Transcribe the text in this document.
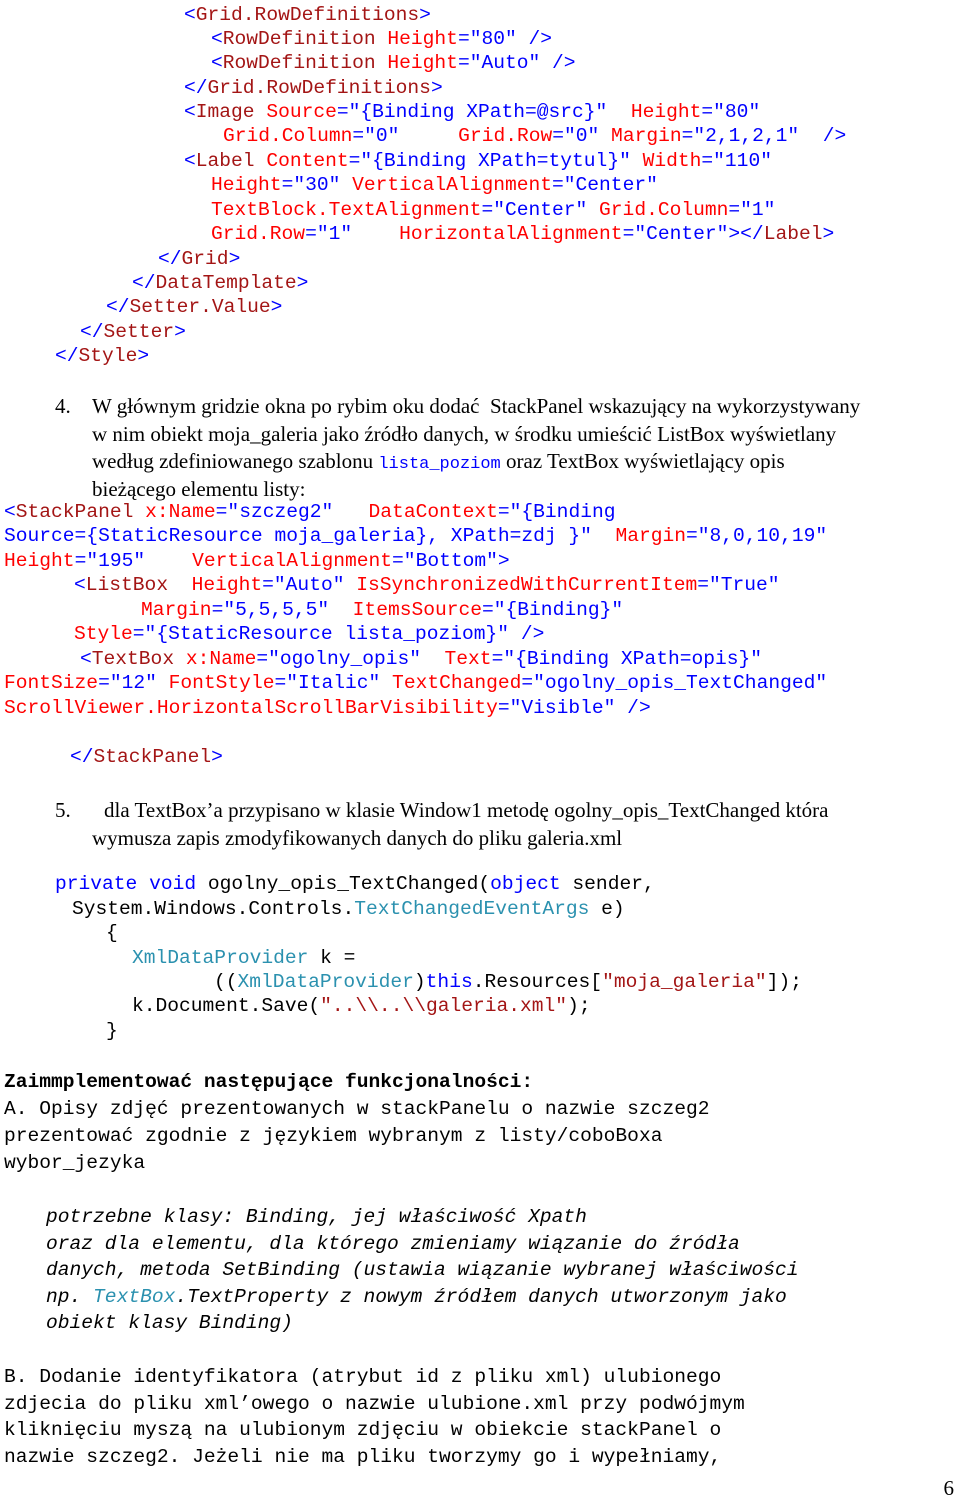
<Grid.RowDefinitions>
<RowDefinition Height="80" />
<RowDefinition Height="Auto" />
</Grid.RowDefinitions>
<Image Source="{Binding XPath=@src}"  Height="80"
Grid.Column="0"     Grid.Row="0" Margin="2,1,2,1"  />
<Label Content="{Binding XPath=tytul}" Width="110"
Height="30" VerticalAlignment="Center"
TextBlock.TextAlignment="Center" Grid.Column="1"
Grid.Row="1"    HorizontalAlignment="Center"></Label>
</Grid>
</DataTemplate>
</Setter.Value>
</Setter>
</Style>
4. W głównym gridzie okna po rybim oku dodać  StackPanel wskazujący na wykorzystywany
w nim obiekt moja_galeria jako źródło danych, w środku umieścić ListBox wyświetlany
według zdefiniowanego szablonu lista_poziom oraz TextBox wyświetlający opis
bieżącego elementu listy:
<StackPanel x:Name="szczeg2"   DataContext="{Binding
Source={StaticResource moja_galeria}, XPath=zdj }"  Margin="8,0,10,19"
Height="195"    VerticalAlignment="Bottom">
<ListBox  Height="Auto" IsSynchronizedWithCurrentItem="True"
Margin="5,5,5,5"  ItemsSource="{Binding}"
Style="{StaticResource lista_poziom}" />
<TextBox x:Name="ogolny_opis"  Text="{Binding XPath=opis}"
FontSize="12" FontStyle="Italic" TextChanged="ogolny_opis_TextChanged"
ScrollViewer.HorizontalScrollBarVisibility="Visible" />
</StackPanel>
5. dla TextBox’a przypisano w klasie Window1 metodę ogolny_opis_TextChanged która
wymusza zapis zmodyfikowanych danych do pliku galeria.xml
private void ogolny_opis_TextChanged(object sender,
System.Windows.Controls.TextChangedEventArgs e)
{
XmlDataProvider k =
((XmlDataProvider)this.Resources["moja_galeria"]);
k.Document.Save("..\\..\\galeria.xml");
}
Zaimmplementować następujące funkcjonalności:
A. Opisy zdjęć prezentowanych w stackPanelu o nazwie szczeg2
prezentować zgodnie z językiem wybranym z listy/coboBoxa
wybor_jezyka
potrzebne klasy: Binding, jej właściwość Xpath
oraz dla elementu, dla którego zmieniamy wiązanie do źródła
danych, metoda SetBinding (ustawia wiązanie wybranej właściwości
np. TextBox.TextProperty z nowym źródłem danych utworzonym jako
obiekt klasy Binding)
B. Dodanie identyfikatora (atrybut id z pliku xml) ulubionego
zdjecia do pliku xml’owego o nazwie ulubione.xml przy podwójmym
kliknięciu myszą na ulubionym zdjęciu w obiekcie stackPanel o
nazwie szczeg2. Jeżeli nie ma pliku tworzymy go i wypełniamy,
6
